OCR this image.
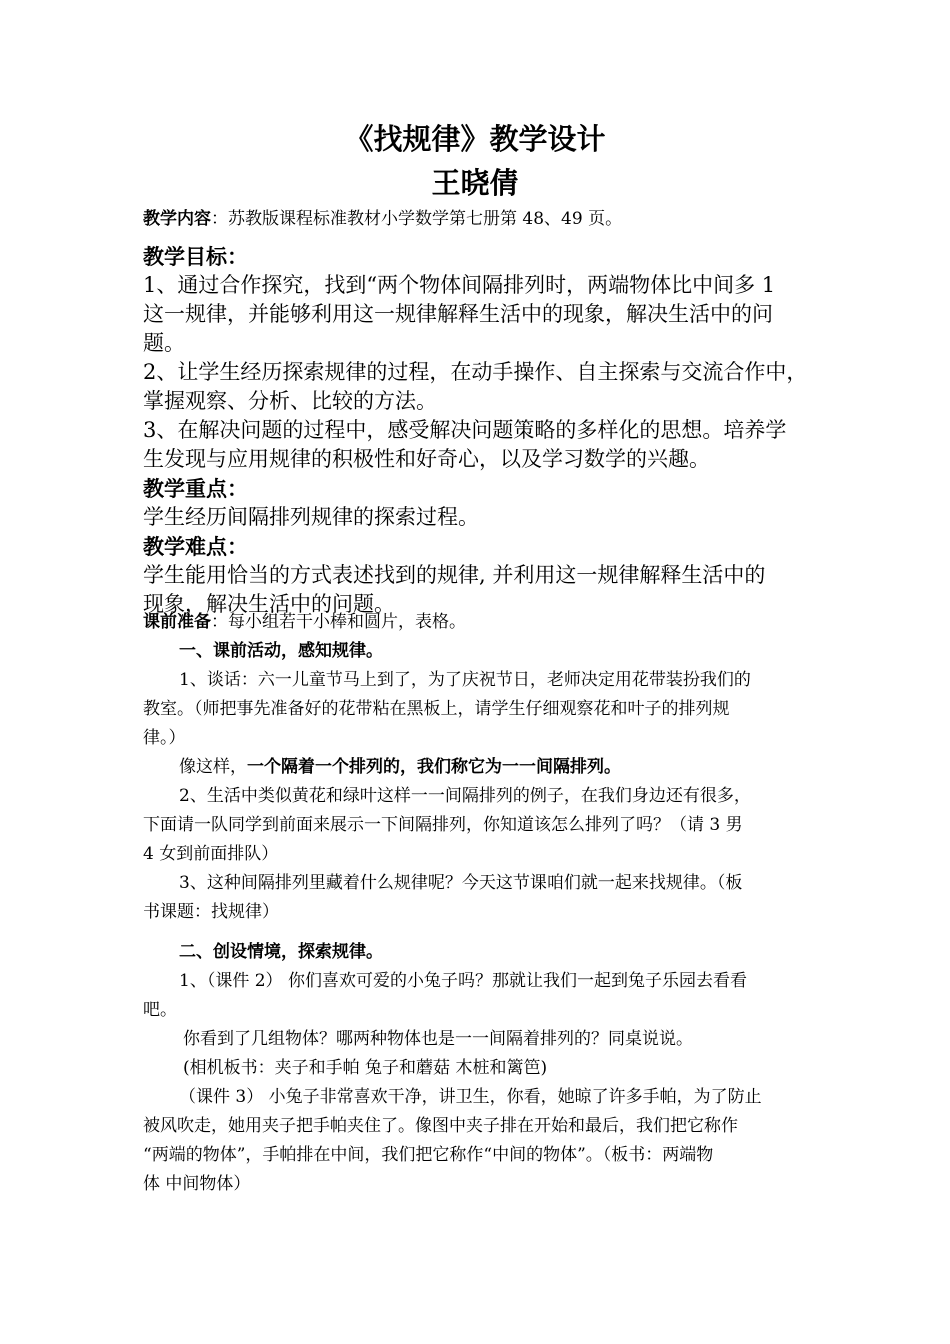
《找规律》教学设计
王晓倩
教学内容：苏教版课程标准教材小学数学第七册第 48、49 页。
教学目标：
1、通过合作探究，找到“两个物体间隔排列时，两端物体比中间多 1
这一规律，并能够利用这一规律解释生活中的现象，解决生活中的问
题。
2、让学生经历探索规律的过程，在动手操作、自主探索与交流合作中，
掌握观察、分析、比较的方法。
3、在解决问题的过程中，感受解决问题策略的多样化的思想。培养学
生发现与应用规律的积极性和好奇心，以及学习数学的兴趣。
教学重点：
学生经历间隔排列规律的探索过程。
教学难点：
学生能用恰当的方式表述找到的规律, 并利用这一规律解释生活中的
现象，解决生活中的问题。
课前准备：每小组若干小棒和圆片，表格。
一、课前活动，感知规律。
1、谈话：六一儿童节马上到了，为了庆祝节日，老师决定用花带装扮我们的
教室。（师把事先准备好的花带粘在黑板上，请学生仔细观察花和叶子的排列规
律。）
像这样，一个隔着一个排列的，我们称它为一一间隔排列。
2、生活中类似黄花和绿叶这样一一间隔排列的例子，在我们身边还有很多，
下面请一队同学到前面来展示一下间隔排列，你知道该怎么排列了吗？（请 3 男
4 女到前面排队）
3、这种间隔排列里藏着什么规律呢？今天这节课咱们就一起来找规律。（板
书课题：找规律）
二、创设情境，探索规律。
1、（课件 2） 你们喜欢可爱的小兔子吗？那就让我们一起到兔子乐园去看看
吧。
你看到了几组物体？哪两种物体也是一一间隔着排列的？同桌说说。
(相机板书：夹子和手帕 兔子和蘑菇 木桩和篱笆)
（课件 3） 小兔子非常喜欢干净，讲卫生，你看，她晾了许多手帕，为了防止
被风吹走，她用夹子把手帕夹住了。像图中夹子排在开始和最后，我们把它称作
“两端的物体”，手帕排在中间，我们把它称作“中间的物体”。（板书：两端物
体 中间物体）
